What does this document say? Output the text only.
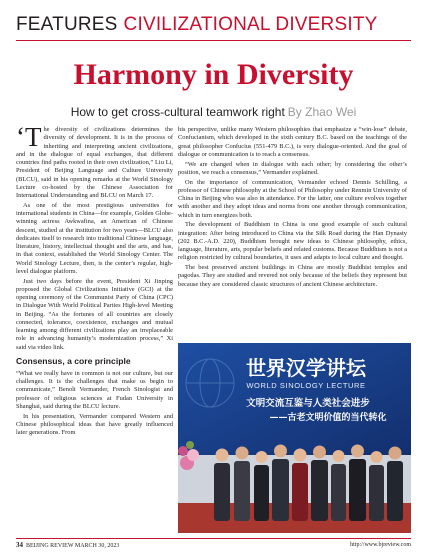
FEATURES CIVILIZATIONAL DIVERSITY
Harmony in Diversity
How to get cross-cultural teamwork right By Zhao Wei

‘The diversity of civilizations determines the diversity of development. It is in the process of inheriting and interpreting ancient civilizations, and in the dialogue of equal exchanges, that different countries find paths rooted in their own civilization,” Liu Li, President of Beijing Language and Culture University (BLCU), said in his opening remarks at the World Sinology Lecture co-hosted by the Chinese Association for International Understanding and BLCU on March 17.

As one of the most prestigious universities for international students in China—for example, Golden Globe-winning actress Awkwafina, an American of Chinese descent, studied at the institution for two years—BLCU also dedicates itself to research into traditional Chinese language, literature, history, intellectual thought and the arts, and has, in that context, established the World Sinology Center. The World Sinology Lecture, then, is the center’s regular, high-level dialogue platform.

Just two days before the event, President Xi Jinping proposed the Global Civilizations Initiative (GCI) at the opening ceremony of the Communist Party of China (CPC) in Dialogue With World Political Parties High-level Meeting in Beijing. “As the fortunes of all countries are closely connected, tolerance, coexistence, exchanges and mutual learning among different civilizations play an irreplaceable role in advancing humanity’s modernization process,” Xi said via video link.

Consensus, a core principle

“What we really have in common is not our culture, but our challenges. It is the challenges that make us begin to communicate,” Benoît Vermander, French Sinologist and professor of religious sciences at Fudan University in Shanghai, said during the BLCU lecture.

In his presentation, Vermander compared Western and Chinese philosophical ideas that have greatly influenced later generations. From

his perspective, unlike many Western philosophies that emphasize a “win-lose” debate, Confucianism, which developed in the sixth century B.C. based on the teachings of the great philosopher Confucius (551-479 B.C.), is very dialogue-oriented. And the goal of dialogue or communication is to reach a consensus.

“We are changed when in dialogue with each other; by considering the other’s position, we reach a consensus,” Vermander explained.

On the importance of communication, Vermander echoed Dennis Schilling, a professor of Chinese philosophy at the School of Philosophy under Renmin University of China in Beijing who was also in attendance. For the latter, one culture evolves together with another and they adopt ideas and norms from one another through communication, which in turn energizes both.

The development of Buddhism in China is one good example of such cultural integration: After being introduced to China via the Silk Road during the Han Dynasty (202 B.C.-A.D. 220), Buddhism brought new ideas to Chinese philosophy, ethics, language, literature, arts, popular beliefs and related customs. Because Buddhism is not a religion restricted by cultural boundaries, it uses and adapts to local culture and thought.

The best preserved ancient buildings in China are mostly Buddhist temples and pagodas. They are studied and revered not only because of the beliefs they represent but because they are considered classic structures of ancient Chinese architecture.

世界汉学讲坛
WORLD SINOLOGY LECTURE
文明交流互鉴与人类社会进步
——古老文明价值的当代转化
34 BEIJING REVIEW MARCH 30, 2023	http://www.bjreview.com
